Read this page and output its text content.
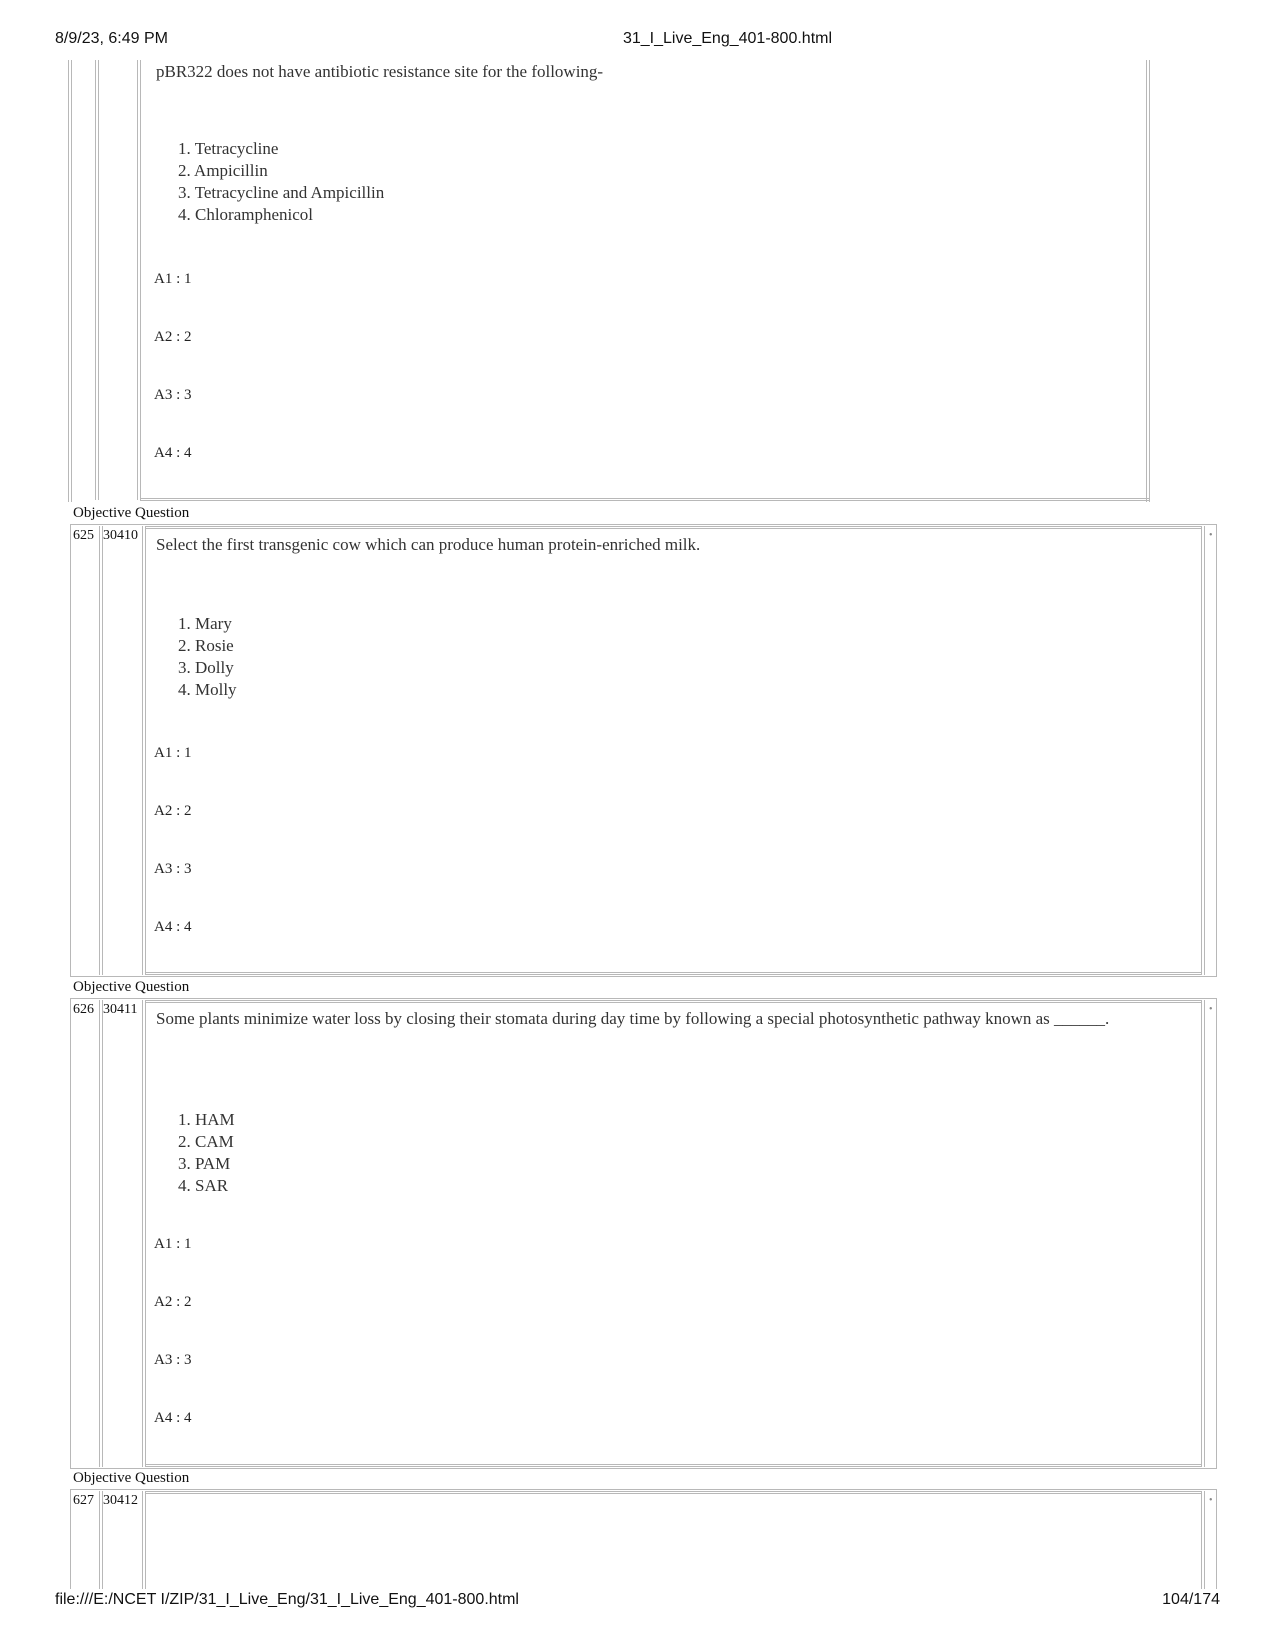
8/9/23, 6:49 PM	31_I_Live_Eng_401-800.html
pBR322 does not have antibiotic resistance site for the following-
1. Tetracycline
2. Ampicillin
3. Tetracycline and Ampicillin
4. Chloramphenicol
A1 : 1
A2 : 2
A3 : 3
A4 : 4
Objective Question
•
625 30410 Select the first transgenic cow which can produce human protein-enriched milk.
1. Mary
2. Rosie
3. Dolly
4. Molly
A1 : 1
A2 : 2
A3 : 3
A4 : 4
Objective Question
•
626 30411 Some plants minimize water loss by closing their stomata during day time by following a special photosynthetic pathway known as ______.
1. HAM
2. CAM
3. PAM
4. SAR
A1 : 1
A2 : 2
A3 : 3
A4 : 4
Objective Question
•
627 30412
file:///E:/NCET I/ZIP/31_I_Live_Eng/31_I_Live_Eng_401-800.html	104/174
